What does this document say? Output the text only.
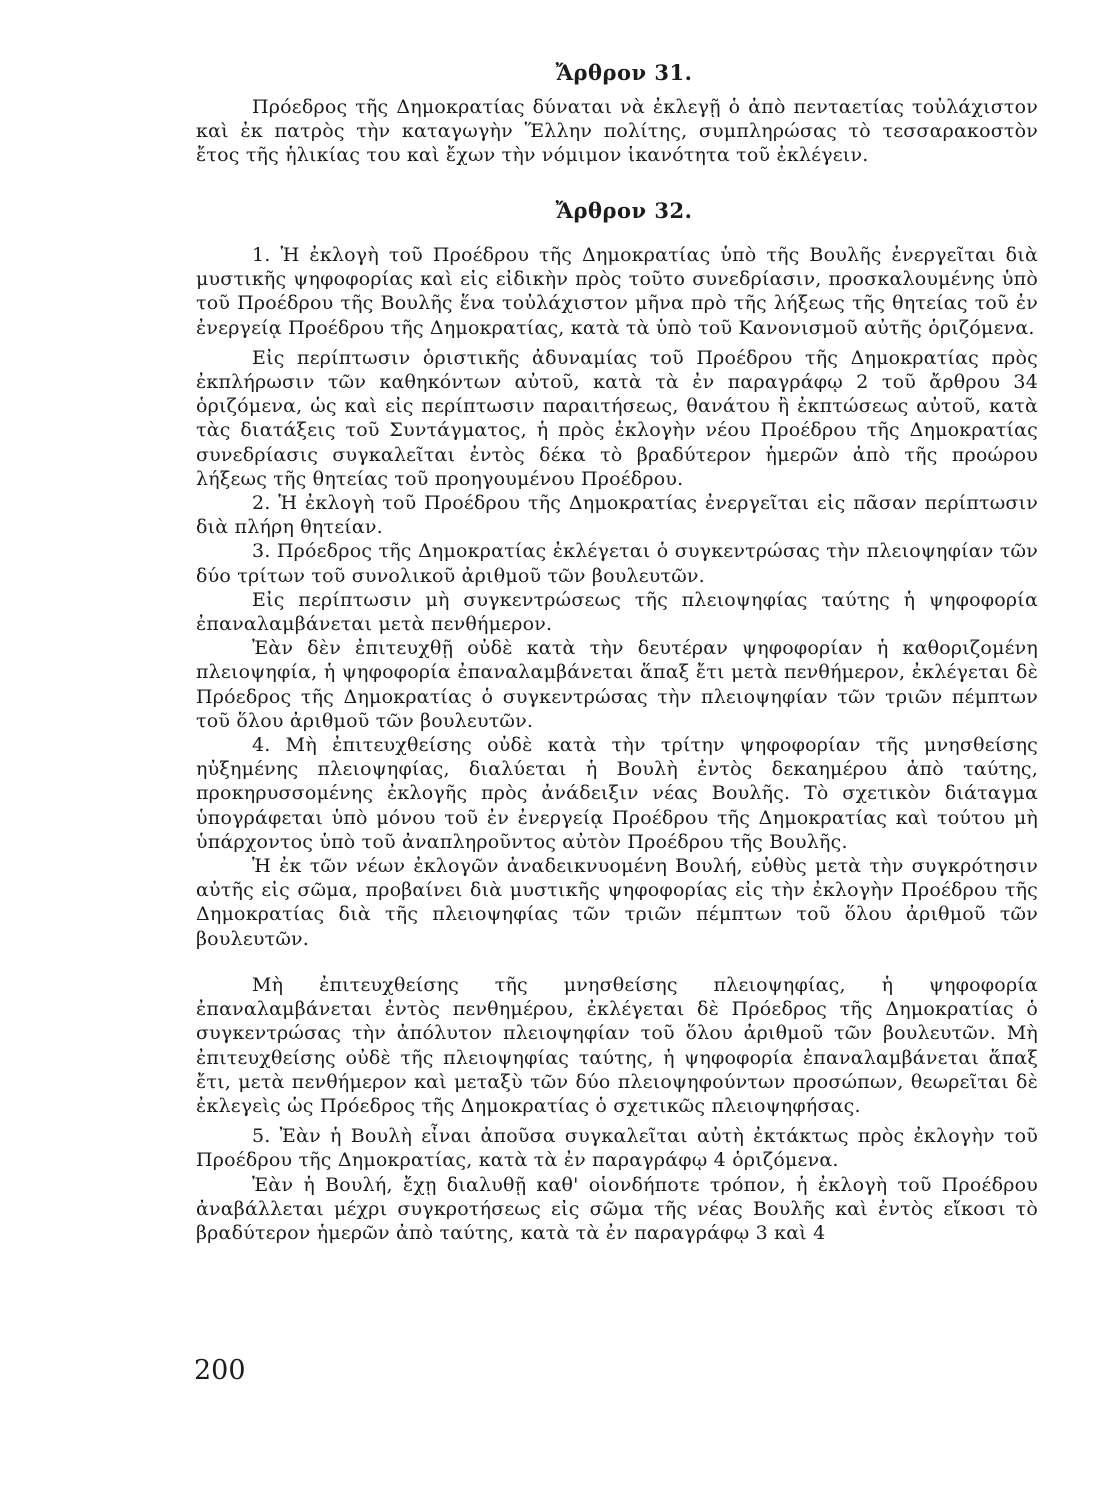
Ἄρθρον 31.

Πρόεδρος τῆς Δημοκρατίας δύναται νὰ ἐκλεγῇ ὁ ἀπὸ πενταετίας τοὐλάχιστον καὶ ἐκ πατρὸς τὴν καταγωγὴν Ἕλλην πολίτης, συμπληρώσας τὸ τεσσαρακοστὸν ἔτος τῆς ἡλικίας του καὶ ἔχων τὴν νόμιμον ἱκανότητα τοῦ ἐκλέγειν.

Ἄρθρον 32.

1. Ἡ ἐκλογὴ τοῦ Προέδρου τῆς Δημοκρατίας ὑπὸ τῆς Βουλῆς ἐνεργεῖται διὰ μυστικῆς ψηφοφορίας καὶ εἰς εἰδικὴν πρὸς τοῦτο συνεδρίασιν, προσκαλουμένης ὑπὸ τοῦ Προέδρου τῆς Βουλῆς ἕνα τοὐλάχιστον μῆνα πρὸ τῆς λήξεως τῆς θητείας τοῦ ἐν ἐνεργείᾳ Προέδρου τῆς Δημοκρατίας, κατὰ τὰ ὑπὸ τοῦ Κανονισμοῦ αὐτῆς ὁριζόμενα.

Εἰς περίπτωσιν ὁριστικῆς ἀδυναμίας τοῦ Προέδρου τῆς Δημοκρατίας πρὸς ἐκπλήρωσιν τῶν καθηκόντων αὐτοῦ, κατὰ τὰ ἐν παραγράφῳ 2 τοῦ ἄρθρου 34 ὁριζόμενα, ὡς καὶ εἰς περίπτωσιν παραιτήσεως, θανάτου ἢ ἐκπτώσεως αὐτοῦ, κατὰ τὰς διατάξεις τοῦ Συντάγματος, ἡ πρὸς ἐκλογὴν νέου Προέδρου τῆς Δημοκρατίας συνεδρίασις συγκαλεῖται ἐντὸς δέκα τὸ βραδύτερον ἡμερῶν ἀπὸ τῆς προώρου λήξεως τῆς θητείας τοῦ προηγουμένου Προέδρου.

2. Ἡ ἐκλογὴ τοῦ Προέδρου τῆς Δημοκρατίας ἐνεργεῖται εἰς πᾶσαν περίπτωσιν διὰ πλήρη θητείαν.

3. Πρόεδρος τῆς Δημοκρατίας ἐκλέγεται ὁ συγκεντρώσας τὴν πλειοψηφίαν τῶν δύο τρίτων τοῦ συνολικοῦ ἀριθμοῦ τῶν βουλευτῶν.

Εἰς περίπτωσιν μὴ συγκεντρώσεως τῆς πλειοψηφίας ταύτης ἡ ψηφοφορία ἐπαναλαμβάνεται μετὰ πενθήμερον.

Ἐὰν δὲν ἐπιτευχθῇ οὐδὲ κατὰ τὴν δευτέραν ψηφοφορίαν ἡ καθοριζομένη πλειοψηφία, ἡ ψηφοφορία ἐπαναλαμβάνεται ἅπαξ ἔτι μετὰ πενθήμερον, ἐκλέγεται δὲ Πρόεδρος τῆς Δημοκρατίας ὁ συγκεντρώσας τὴν πλειοψηφίαν τῶν τριῶν πέμπτων τοῦ ὅλου ἀριθμοῦ τῶν βουλευτῶν.

4. Μὴ ἐπιτευχθείσης οὐδὲ κατὰ τὴν τρίτην ψηφοφορίαν τῆς μνησθείσης ηὐξημένης πλειοψηφίας, διαλύεται ἡ Βουλὴ ἐντὸς δεκαημέρου ἀπὸ ταύτης, προκηρυσσομένης ἐκλογῆς πρὸς ἀνάδειξιν νέας Βουλῆς. Τὸ σχετικὸν διάταγμα ὑπογράφεται ὑπὸ μόνου τοῦ ἐν ἐνεργείᾳ Προέδρου τῆς Δημοκρατίας καὶ τούτου μὴ ὑπάρχοντος ὑπὸ τοῦ ἀναπληροῦντος αὐτὸν Προέδρου τῆς Βουλῆς.

Ἡ ἐκ τῶν νέων ἐκλογῶν ἀναδεικνυομένη Βουλή, εὐθὺς μετὰ τὴν συγκρότησιν αὐτῆς εἰς σῶμα, προβαίνει διὰ μυστικῆς ψηφοφορίας εἰς τὴν ἐκλογὴν Προέδρου τῆς Δημοκρατίας διὰ τῆς πλειοψηφίας τῶν τριῶν πέμπτων τοῦ ὅλου ἀριθμοῦ τῶν βουλευτῶν.

Μὴ ἐπιτευχθείσης τῆς μνησθείσης πλειοψηφίας, ἡ ψηφοφορία ἐπαναλαμβάνεται ἐντὸς πενθημέρου, ἐκλέγεται δὲ Πρόεδρος τῆς Δημοκρατίας ὁ συγκεντρώσας τὴν ἀπόλυτον πλειοψηφίαν τοῦ ὅλου ἀριθμοῦ τῶν βουλευτῶν. Μὴ ἐπιτευχθείσης οὐδὲ τῆς πλειοψηφίας ταύτης, ἡ ψηφοφορία ἐπαναλαμβάνεται ἅπαξ ἔτι, μετὰ πενθήμερον καὶ μεταξὺ τῶν δύο πλειοψηφούντων προσώπων, θεωρεῖται δὲ ἐκλεγεὶς ὡς Πρόεδρος τῆς Δημοκρατίας ὁ σχετικῶς πλειοψηφήσας.

5. Ἐὰν ἡ Βουλὴ εἶναι ἀποῦσα συγκαλεῖται αὐτὴ ἐκτάκτως πρὸς ἐκλογὴν τοῦ Προέδρου τῆς Δημοκρατίας, κατὰ τὰ ἐν παραγράφῳ 4 ὁριζόμενα.

Ἐὰν ἡ Βουλή, ἔχῃ διαλυθῇ καθ' οἱονδήποτε τρόπον, ἡ ἐκλογὴ τοῦ Προέδρου ἀναβάλλεται μέχρι συγκροτήσεως εἰς σῶμα τῆς νέας Βουλῆς καὶ ἐντὸς εἴκοσι τὸ βραδύτερον ἡμερῶν ἀπὸ ταύτης, κατὰ τὰ ἐν παραγράφῳ 3 καὶ 4

200
